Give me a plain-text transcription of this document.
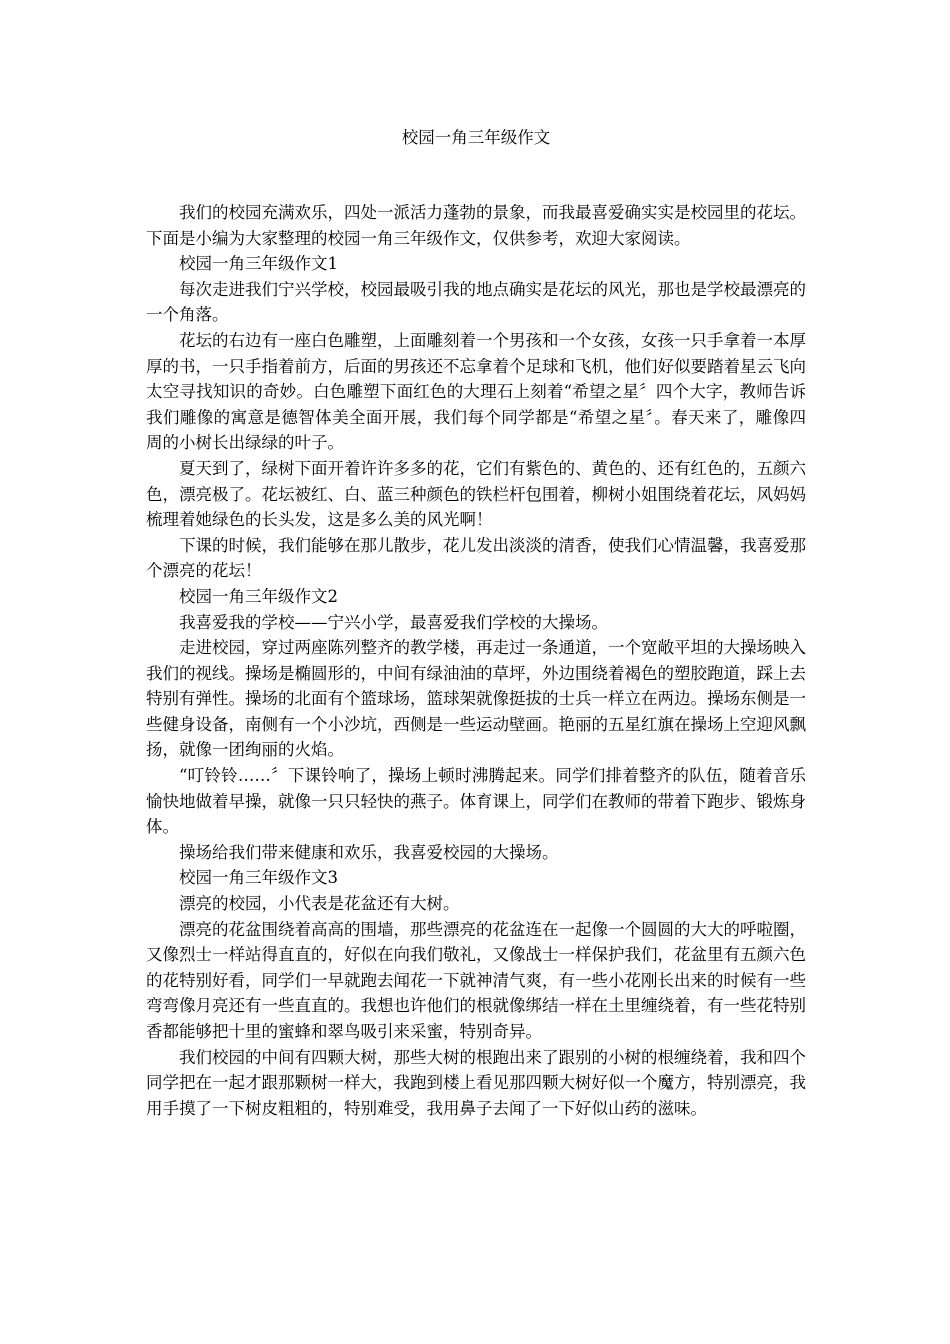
校园一角三年级作文

我们的校园充满欢乐，四处一派活力蓬勃的景象，而我最喜爱确实实是校园里的花坛。下面是小编为大家整理的校园一角三年级作文，仅供参考，欢迎大家阅读。

校园一角三年级作文1

每次走进我们宁兴学校，校园最吸引我的地点确实是花坛的风光，那也是学校最漂亮的一个角落。

花坛的右边有一座白色雕塑，上面雕刻着一个男孩和一个女孩，女孩一只手拿着一本厚厚的书，一只手指着前方，后面的男孩还不忘拿着个足球和飞机，他们好似要踏着星云飞向太空寻找知识的奇妙。白色雕塑下面红色的大理石上刻着“希望之星〞四个大字，教师告诉我们雕像的寓意是德智体美全面开展，我们每个同学都是“希望之星〞。春天来了，雕像四周的小树长出绿绿的叶子。

夏天到了，绿树下面开着许许多多的花，它们有紫色的、黄色的、还有红色的，五颜六色，漂亮极了。花坛被红、白、蓝三种颜色的铁栏杆包围着，柳树小姐围绕着花坛，风妈妈梳理着她绿色的长头发，这是多么美的风光啊！

下课的时候，我们能够在那儿散步，花儿发出淡淡的清香，使我们心情温馨，我喜爱那个漂亮的花坛！

校园一角三年级作文2

我喜爱我的学校——宁兴小学，最喜爱我们学校的大操场。

走进校园，穿过两座陈列整齐的教学楼，再走过一条通道，一个宽敞平坦的大操场映入我们的视线。操场是椭圆形的，中间有绿油油的草坪，外边围绕着褐色的塑胶跑道，踩上去特别有弹性。操场的北面有个篮球场，篮球架就像挺拔的士兵一样立在两边。操场东侧是一些健身设备，南侧有一个小沙坑，西侧是一些运动壁画。艳丽的五星红旗在操场上空迎风飘扬，就像一团绚丽的火焰。

“叮铃铃……〞下课铃响了，操场上顿时沸腾起来。同学们排着整齐的队伍，随着音乐愉快地做着早操，就像一只只轻快的燕子。体育课上，同学们在教师的带着下跑步、锻炼身体。

操场给我们带来健康和欢乐，我喜爱校园的大操场。

校园一角三年级作文3

漂亮的校园，小代表是花盆还有大树。

漂亮的花盆围绕着高高的围墙，那些漂亮的花盆连在一起像一个圆圆的大大的呼啦圈，又像烈士一样站得直直的，好似在向我们敬礼，又像战士一样保护我们，花盆里有五颜六色的花特别好看，同学们一早就跑去闻花一下就神清气爽，有一些小花刚长出来的时候有一些弯弯像月亮还有一些直直的。我想也许他们的根就像绑结一样在土里缠绕着，有一些花特别香都能够把十里的蜜蜂和翠鸟吸引来采蜜，特别奇异。

我们校园的中间有四颗大树，那些大树的根跑出来了跟别的小树的根缠绕着，我和四个同学把在一起才跟那颗树一样大，我跑到楼上看见那四颗大树好似一个魔方，特别漂亮，我用手摸了一下树皮粗粗的，特别难受，我用鼻子去闻了一下好似山药的滋味。
